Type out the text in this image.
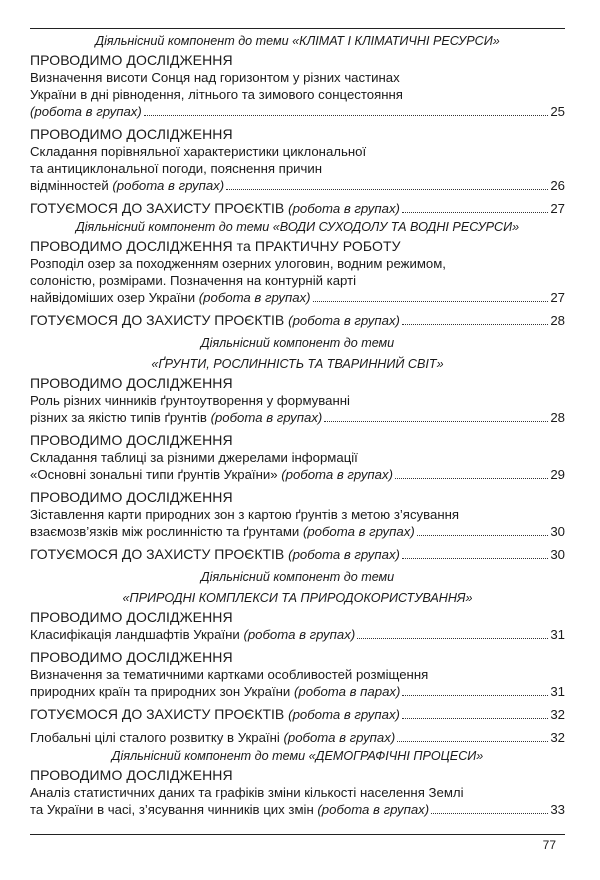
Діяльнісний компонент до теми «КЛІМАТ І КЛІМАТИЧНІ РЕСУРСИ»
ПРОВОДИМО ДОСЛІДЖЕННЯ
Визначення висоти Сонця над горизонтом у різних частинах
України в дні рівнодення, літнього та зимового сонцестояння
(робота в групах)	25
ПРОВОДИМО ДОСЛІДЖЕННЯ
Складання порівняльної характеристики циклональної
та антициклональної погоди, пояснення причин
відмінностей (робота в групах)	26
ГОТУЄМОСЯ ДО ЗАХИСТУ ПРОЄКТІВ (робота в групах)	27
Діяльнісний компонент до теми «ВОДИ СУХОДОЛУ ТА ВОДНІ РЕСУРСИ»
ПРОВОДИМО ДОСЛІДЖЕННЯ та ПРАКТИЧНУ РОБОТУ
Розподіл озер за походженням озерних улоговин, водним режимом,
солоністю, розмірами. Позначення на контурній карті
найвідоміших озер України (робота в групах)	27
ГОТУЄМОСЯ ДО ЗАХИСТУ ПРОЄКТІВ (робота в групах)	28
Діяльнісний компонент до теми
«ҐРУНТИ, РОСЛИННІСТЬ ТА ТВАРИННИЙ СВІТ»
ПРОВОДИМО ДОСЛІДЖЕННЯ
Роль різних чинників ґрунтоутворення у формуванні
різних за якістю типів ґрунтів (робота в групах)	28
ПРОВОДИМО ДОСЛІДЖЕННЯ
Складання таблиці за різними джерелами інформації
«Основні зональні типи ґрунтів України» (робота в групах)	29
ПРОВОДИМО ДОСЛІДЖЕННЯ
Зіставлення карти природних зон з картою ґрунтів з метою з’ясування
взаємозв’язків між рослинністю та ґрунтами (робота в групах)	30
ГОТУЄМОСЯ ДО ЗАХИСТУ ПРОЄКТІВ (робота в групах)	30
Діяльнісний компонент до теми
«ПРИРОДНІ КОМПЛЕКСИ ТА ПРИРОДОКОРИСТУВАННЯ»
ПРОВОДИМО ДОСЛІДЖЕННЯ
Класифікація ландшафтів України (робота в групах)	31
ПРОВОДИМО ДОСЛІДЖЕННЯ
Визначення за тематичними картками особливостей розміщення
природних країн та природних зон України (робота в парах)	31
ГОТУЄМОСЯ ДО ЗАХИСТУ ПРОЄКТІВ (робота в групах)	32
Глобальні цілі сталого розвитку в Україні (робота в групах)	32
Діяльнісний компонент до теми «ДЕМОГРАФІЧНІ ПРОЦЕСИ»
ПРОВОДИМО ДОСЛІДЖЕННЯ
Аналіз статистичних даних та графіків зміни кількості населення Землі
та України в часі, з’ясування чинників цих змін (робота в групах)	33
77
